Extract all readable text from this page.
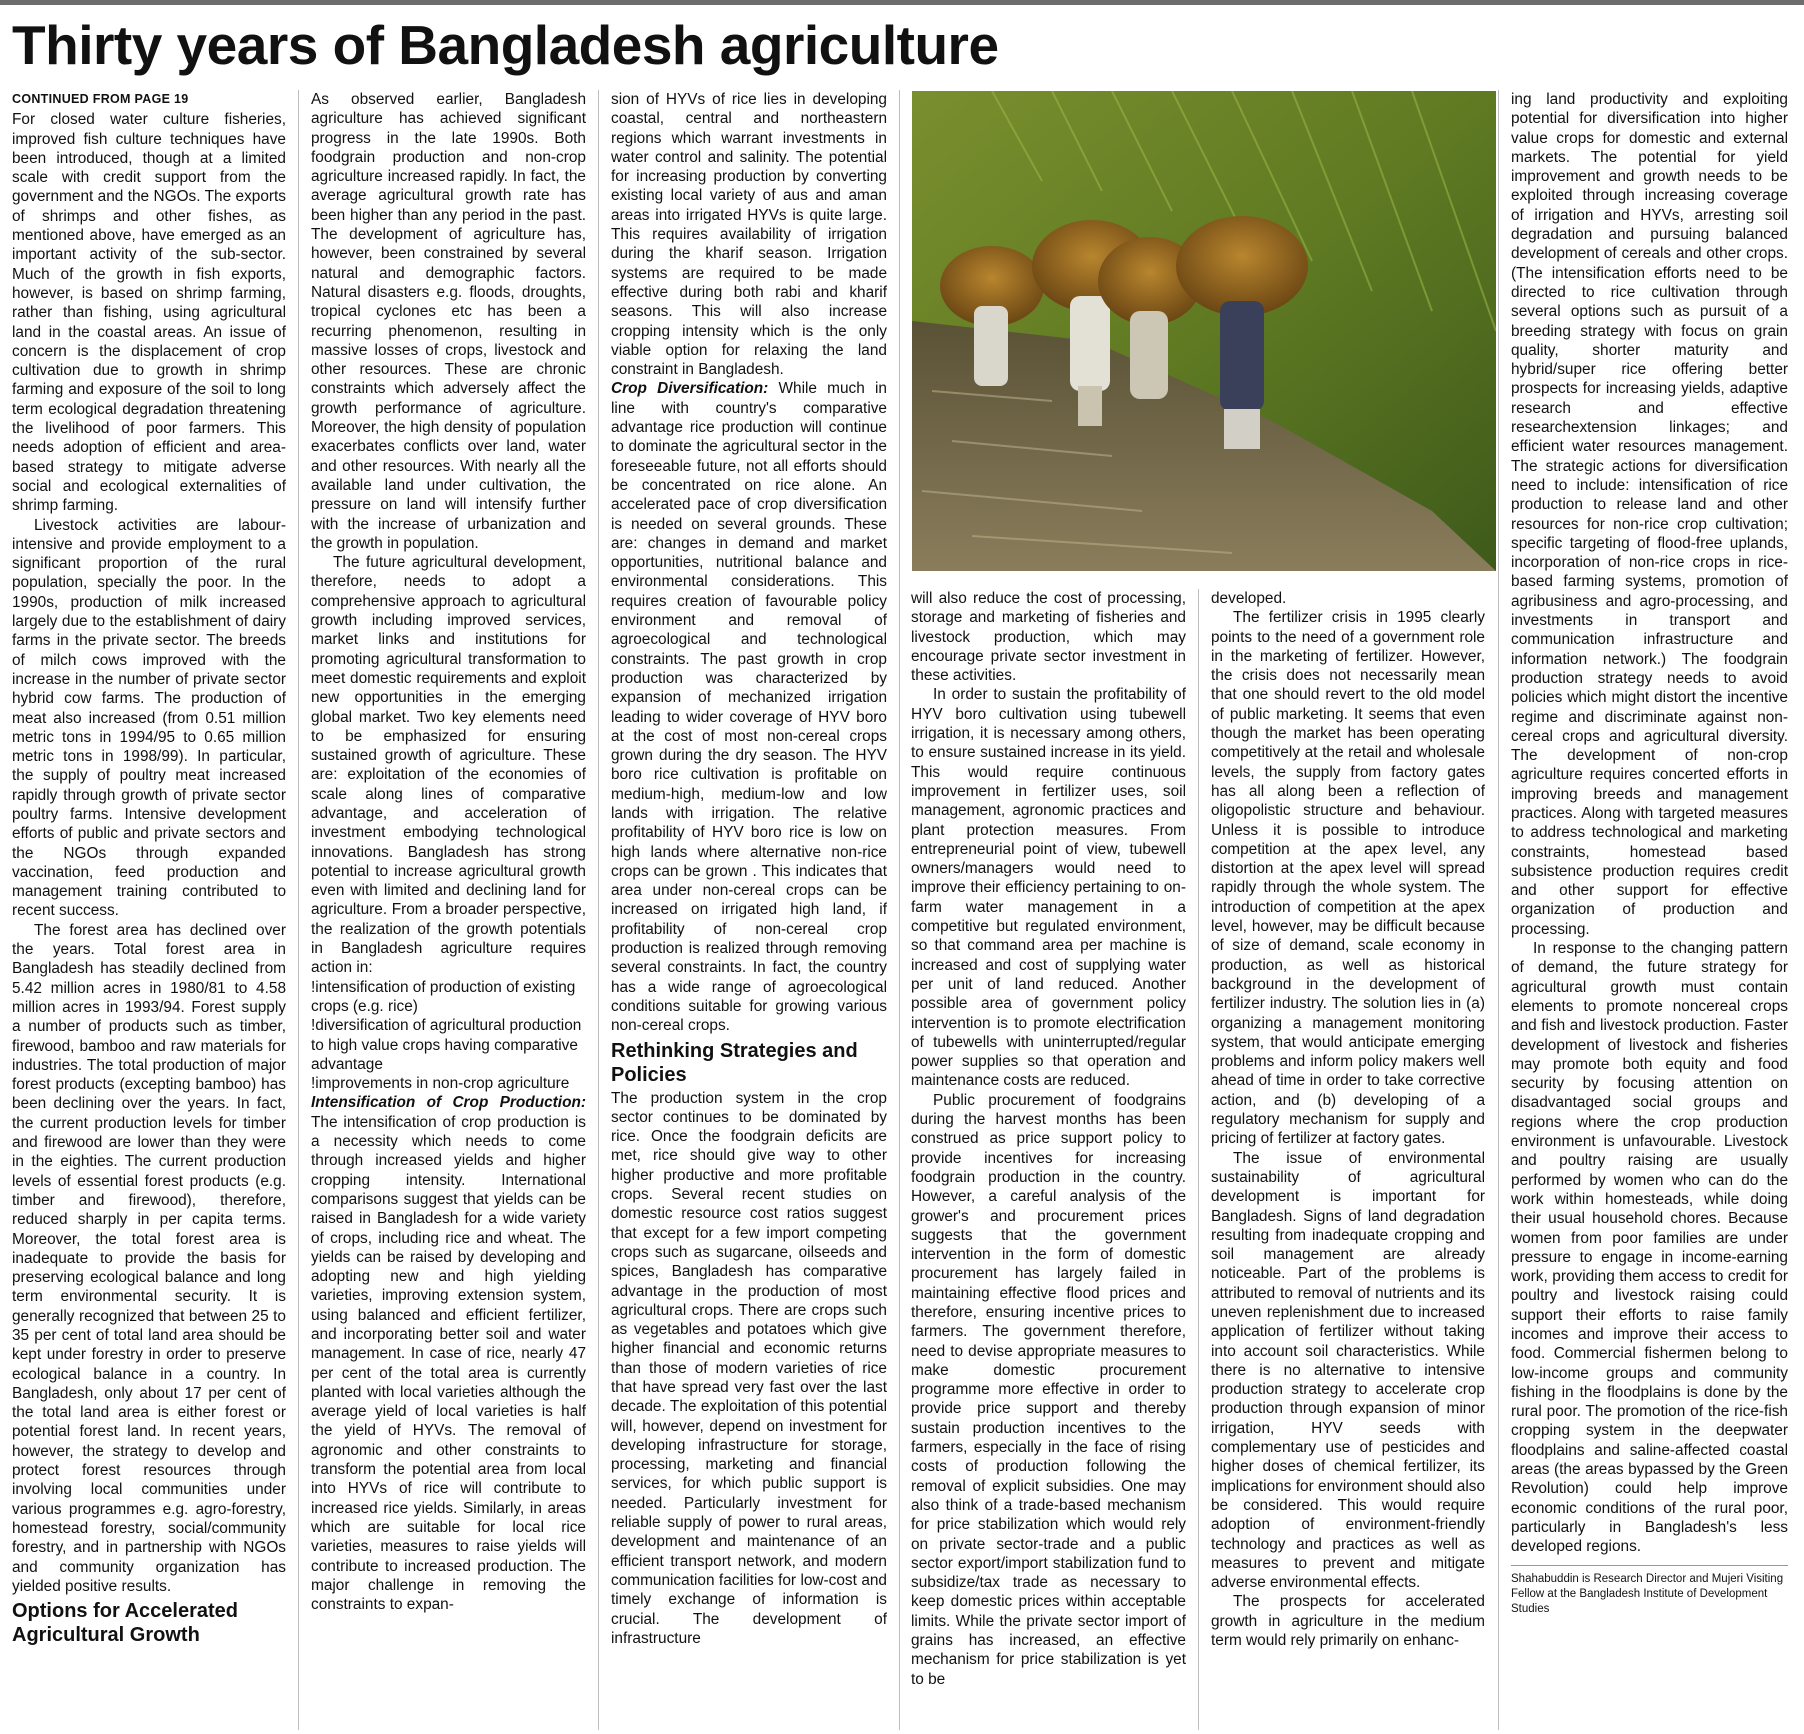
Thirty years of Bangladesh agriculture
CONTINUED FROM PAGE 19

For closed water culture fisheries, improved fish culture techniques have been introduced, though at a limited scale with credit support from the government and the NGOs. The exports of shrimps and other fishes, as mentioned above, have emerged as an important activity of the sub-sector. Much of the growth in fish exports, however, is based on shrimp farming, rather than fishing, using agricultural land in the coastal areas. An issue of concern is the displacement of crop cultivation due to growth in shrimp farming and exposure of the soil to long term ecological degradation threatening the livelihood of poor farmers. This needs adoption of efficient and area-based strategy to mitigate adverse social and ecological externalities of shrimp farming.

Livestock activities are labour-intensive and provide employment to a significant proportion of the rural population, specially the poor. In the 1990s, production of milk increased largely due to the establishment of dairy farms in the private sector. The breeds of milch cows improved with the increase in the number of private sector hybrid cow farms. The production of meat also increased (from 0.51 million metric tons in 1994/95 to 0.65 million metric tons in 1998/99). In particular, the supply of poultry meat increased rapidly through growth of private sector poultry farms. Intensive development efforts of public and private sectors and the NGOs through expanded vaccination, feed production and management training contributed to recent success.

The forest area has declined over the years. Total forest area in Bangladesh has steadily declined from 5.42 million acres in 1980/81 to 4.58 million acres in 1993/94. Forest supply a number of products such as timber, firewood, bamboo and raw materials for industries. The total production of major forest products (excepting bamboo) has been declining over the years. In fact, the current production levels for timber and firewood are lower than they were in the eighties. The current production levels of essential forest products (e.g. timber and firewood), therefore, reduced sharply in per capita terms. Moreover, the total forest area is inadequate to provide the basis for preserving ecological balance and long term environmental security. It is generally recognized that between 25 to 35 per cent of total land area should be kept under forestry in order to preserve ecological balance in a country. In Bangladesh, only about 17 per cent of the total land area is either forest or potential forest land. In recent years, however, the strategy to develop and protect forest resources through involving local communities under various programmes e.g. agro-forestry, homestead forestry, social/community forestry, and in partnership with NGOs and community organization has yielded positive results.

Options for Accelerated Agricultural Growth

As observed earlier, Bangladesh agriculture has achieved significant progress in the late 1990s. Both foodgrain production and non-crop agriculture increased rapidly. In fact, the average agricultural growth rate has been higher than any period in the past. The development of agriculture has, however, been constrained by several natural and demographic factors. Natural disasters e.g. floods, droughts, tropical cyclones etc has been a recurring phenomenon, resulting in massive losses of crops, livestock and other resources. These are chronic constraints which adversely affect the growth performance of agriculture. Moreover, the high density of population exacerbates conflicts over land, water and other resources. With nearly all the available land under cultivation, the pressure on land will intensify further with the increase of urbanization and the growth in population.

The future agricultural development, therefore, needs to adopt a comprehensive approach to agricultural growth including improved services, market links and institutions for promoting agricultural transformation to meet domestic requirements and exploit new opportunities in the emerging global market. Two key elements need to be emphasized for ensuring sustained growth of agriculture. These are: exploitation of the economies of scale along lines of comparative advantage, and acceleration of investment embodying technological innovations. Bangladesh has strong potential to increase agricultural growth even with limited and declining land for agriculture. From a broader perspective, the realization of the growth potentials in Bangladesh agriculture requires action in:

!intensification of production of existing crops (e.g. rice)

!diversification of agricultural production to high value crops having comparative advantage

!improvements in non-crop agriculture

Intensification of Crop Production: The intensification of crop production is a necessity which needs to come through increased yields and higher cropping intensity. International comparisons suggest that yields can be raised in Bangladesh for a wide variety of crops, including rice and wheat. The yields can be raised by developing and adopting new and high yielding varieties, improving extension system, using balanced and efficient fertilizer, and incorporating better soil and water management. In case of rice, nearly 47 per cent of the total area is currently planted with local varieties although the average yield of local varieties is half the yield of HYVs. The removal of agronomic and other constraints to transform the potential area from local into HYVs of rice will contribute to increased rice yields. Similarly, in areas which are suitable for local rice varieties, measures to raise yields will contribute to increased production. The major challenge in removing the constraints to expan-

sion of HYVs of rice lies in developing coastal, central and northeastern regions which warrant investments in water control and salinity. The potential for increasing production by converting existing local variety of aus and aman areas into irrigated HYVs is quite large. This requires availability of irrigation during the kharif season. Irrigation systems are required to be made effective during both rabi and kharif seasons. This will also increase cropping intensity which is the only viable option for relaxing the land constraint in Bangladesh.

Crop Diversification: While much in line with country's comparative advantage rice production will continue to dominate the agricultural sector in the foreseeable future, not all efforts should be concentrated on rice alone. An accelerated pace of crop diversification is needed on several grounds. These are: changes in demand and market opportunities, nutritional balance and environmental considerations. This requires creation of favourable policy environment and removal of agroecological and technological constraints. The past growth in crop production was characterized by expansion of mechanized irrigation leading to wider coverage of HYV boro at the cost of most non-cereal crops grown during the dry season. The HYV boro rice cultivation is profitable on medium-high, medium-low and low lands with irrigation. The relative profitability of HYV boro rice is low on high lands where alternative non-rice crops can be grown . This indicates that area under non-cereal crops can be increased on irrigated high land, if profitability of non-cereal crop production is realized through removing several constraints. In fact, the country has a wide range of agroecological conditions suitable for growing various non-cereal crops.

Rethinking Strategies and Policies

The production system in the crop sector continues to be dominated by rice. Once the foodgrain deficits are met, rice should give way to other higher productive and more profitable crops. Several recent studies on domestic resource cost ratios suggest that except for a few import competing crops such as sugarcane, oilseeds and spices, Bangladesh has comparative advantage in the production of most agricultural crops. There are crops such as vegetables and potatoes which give higher financial and economic returns than those of modern varieties of rice that have spread very fast over the last decade. The exploitation of this potential will, however, depend on investment for developing infrastructure for storage, processing, marketing and financial services, for which public support is needed. Particularly investment for reliable supply of power to rural areas, development and maintenance of an efficient transport network, and modern communication facilities for low-cost and timely exchange of information is crucial. The development of infrastructure

will also reduce the cost of processing, storage and marketing of fisheries and livestock production, which may encourage private sector investment in these activities.

In order to sustain the profitability of HYV boro cultivation using tubewell irrigation, it is necessary among others, to ensure sustained increase in its yield. This would require continuous improvement in fertilizer uses, soil management, agronomic practices and plant protection measures. From entrepreneurial point of view, tubewell owners/managers would need to improve their efficiency pertaining to on-farm water management in a competitive but regulated environment, so that command area per machine is increased and cost of supplying water per unit of land reduced. Another possible area of government policy intervention is to promote electrification of tubewells with uninterrupted/regular power supplies so that operation and maintenance costs are reduced.

Public procurement of foodgrains during the harvest months has been construed as price support policy to provide incentives for increasing foodgrain production in the country. However, a careful analysis of the grower's and procurement prices suggests that the government intervention in the form of domestic procurement has largely failed in maintaining effective flood prices and therefore, ensuring incentive prices to farmers. The government therefore, need to devise appropriate measures to make domestic procurement programme more effective in order to provide price support and thereby sustain production incentives to the farmers, especially in the face of rising costs of production following the removal of explicit subsidies. One may also think of a trade-based mechanism for price stabilization which would rely on private sector-trade and a public sector export/import stabilization fund to subsidize/tax trade as necessary to keep domestic prices within acceptable limits. While the private sector import of grains has increased, an effective mechanism for price stabilization is yet to be

developed.

The fertilizer crisis in 1995 clearly points to the need of a government role in the marketing of fertilizer. However, the crisis does not necessarily mean that one should revert to the old model of public marketing. It seems that even though the market has been operating competitively at the retail and wholesale levels, the supply from factory gates has all along been a reflection of oligopolistic structure and behaviour. Unless it is possible to introduce competition at the apex level, any distortion at the apex level will spread rapidly through the whole system. The introduction of competition at the apex level, however, may be difficult because of size of demand, scale economy in production, as well as historical background in the development of fertilizer industry. The solution lies in (a) organizing a management monitoring system, that would anticipate emerging problems and inform policy makers well ahead of time in order to take corrective action, and (b) developing of a regulatory mechanism for supply and pricing of fertilizer at factory gates.

The issue of environmental sustainability of agricultural development is important for Bangladesh. Signs of land degradation resulting from inadequate cropping and soil management are already noticeable. Part of the problems is attributed to removal of nutrients and its uneven replenishment due to increased application of fertilizer without taking into account soil characteristics. While there is no alternative to intensive production strategy to accelerate crop production through expansion of minor irrigation, HYV seeds with complementary use of pesticides and higher doses of chemical fertilizer, its implications for environment should also be considered. This would require adoption of environment-friendly technology and practices as well as measures to prevent and mitigate adverse environmental effects.

The prospects for accelerated growth in agriculture in the medium term would rely primarily on enhanc-

ing land productivity and exploiting potential for diversification into higher value crops for domestic and external markets. The potential for yield improvement and growth needs to be exploited through increasing coverage of irrigation and HYVs, arresting soil degradation and pursuing balanced development of cereals and other crops. (The intensification efforts need to be directed to rice cultivation through several options such as pursuit of a breeding strategy with focus on grain quality, shorter maturity and hybrid/super rice offering better prospects for increasing yields, adaptive research and effective researchextension linkages; and efficient water resources management. The strategic actions for diversification need to include: intensification of rice production to release land and other resources for non-rice crop cultivation; specific targeting of flood-free uplands, incorporation of non-rice crops in rice-based farming systems, promotion of agribusiness and agro-processing, and investments in transport and communication infrastructure and information network.) The foodgrain production strategy needs to avoid policies which might distort the incentive regime and discriminate against non-cereal crops and agricultural diversity. The development of non-crop agriculture requires concerted efforts in improving breeds and management practices. Along with targeted measures to address technological and marketing constraints, homestead based subsistence production requires credit and other support for effective organization of production and processing.

In response to the changing pattern of demand, the future strategy for agricultural growth must contain elements to promote noncereal crops and fish and livestock production. Faster development of livestock and fisheries may promote both equity and food security by focusing attention on disadvantaged social groups and regions where the crop production environment is unfavourable. Livestock and poultry raising are usually performed by women who can do the work within homesteads, while doing their usual household chores. Because women from poor families are under pressure to engage in income-earning work, providing them access to credit for poultry and livestock raising could support their efforts to raise family incomes and improve their access to food. Commercial fishermen belong to low-income groups and community fishing in the floodplains is done by the rural poor. The promotion of the rice-fish cropping system in the deepwater floodplains and saline-affected coastal areas (the areas bypassed by the Green Revolution) could help improve economic conditions of the rural poor, particularly in Bangladesh's less developed regions.

Shahabuddin is Research Director and Mujeri Visiting Fellow at the Bangladesh Institute of Development Studies
